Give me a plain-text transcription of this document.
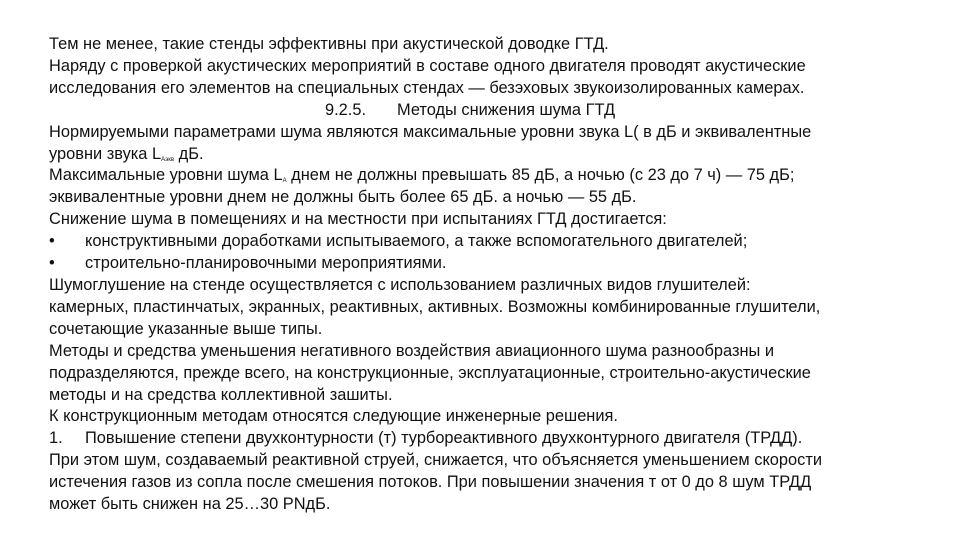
Тем не менее, такие стенды эффективны при акустической доводке ГТД.

Наряду с проверкой акустических мероприятий в составе одного двигателя проводят акустические

исследования его элементов на специальных стендах — безэховых звукоизолированных камерах.

9.2.5. Методы снижения шума ГТД

Нормируемыми параметрами шума являются максимальные уровни звука L( в дБ и эквивалентные

уровни звука $L_{Аэкв}$ дБ.

Максимальные уровни шума $L_A$ днем не должны превышать 85 дБ, а ночью (с 23 до 7 ч) — 75 дБ;

эквивалентные уровни днем не должны быть более 65 дБ. а ночью — 55 дБ.

Снижение шума в помещениях и на местности при испытаниях ГТД достигается:

• конструктивными доработками испытываемого, а также вспомогательного двигателей;

• строительно-планировочными мероприятиями.

Шумоглушение на стенде осуществляется с использованием различных видов глушителей:

камерных, пластинчатых, экранных, реактивных, активных. Возможны комбинированные глушители,

сочетающие указанные выше типы.

Методы и средства уменьшения негативного воздействия авиационного шума разнообразны и

подразделяются, прежде всего, на конструкционные, эксплуатационные, строительно-акустические

методы и на средства коллективной зашиты.

К конструкционным методам относятся следующие инженерные решения.

1. Повышение степени двухконтурности (т) турбореактивного двухконтурного двигателя (ТРДД).

При этом шум, создаваемый реактивной струей, снижается, что объясняется уменьшением скорости

истечения газов из сопла после смешения потоков. При повышении значения т от 0 до 8 шум ТРДД

может быть снижен на 25…30 РNдБ.
